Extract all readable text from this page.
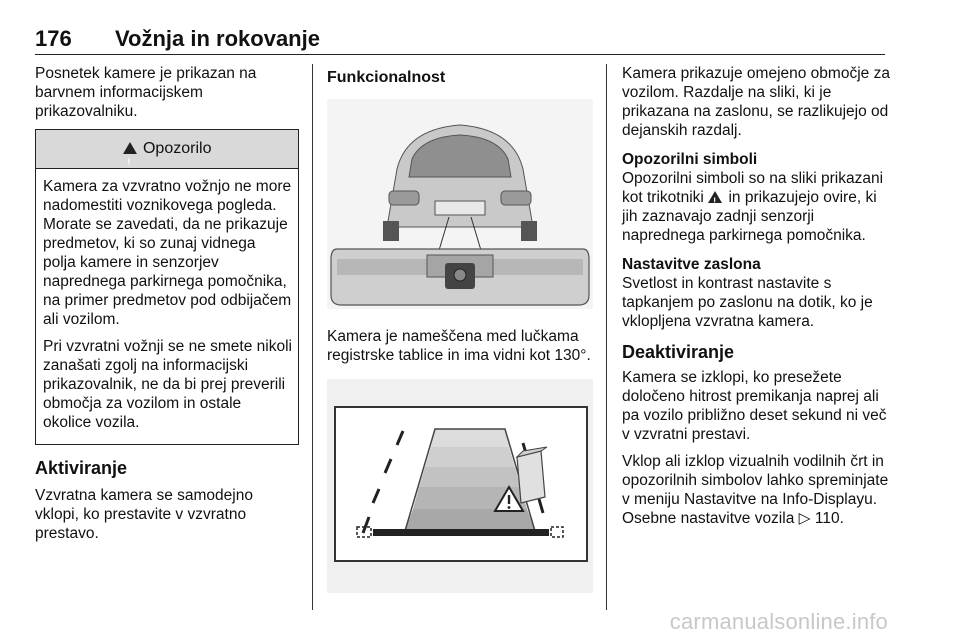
176 Vožnja in rokovanje

Posnetek kamere je prikazan na barvnem informacijskem prikazovalniku.

! Opozorilo

Kamera za vzvratno vožnjo ne more nadomestiti voznikovega pogleda. Morate se zavedati, da ne prikazuje predmetov, ki so zunaj vidnega polja kamere in senzorjev naprednega parkirnega pomočnika, na primer predmetov pod odbijačem ali vozilom.

Pri vzvratni vožnji se ne smete nikoli zanašati zgolj na informacijski prikazovalnik, ne da bi prej preverili območja za vozilom in ostale okolice vozila.

Aktiviranje

Vzvratna kamera se samodejno vklopi, ko prestavite v vzvratno prestavo.

Funkcionalnost

Kamera je nameščena med lučkama registrske tablice in ima vidni kot 130°.

Kamera prikazuje omejeno območje za vozilom. Razdalje na sliki, ki je prikazana na zaslonu, se razlikujejo od dejanskih razdalj.

Opozorilni simboli

Opozorilni simboli so na sliki prikazani kot trikotniki ! in prikazujejo ovire, ki jih zaznavajo zadnji senzorji naprednega parkirnega pomočnika.

Nastavitve zaslona

Svetlost in kontrast nastavite s tapkanjem po zaslonu na dotik, ko je vklopljena vzvratna kamera.

Deaktiviranje

Kamera se izklopi, ko presežete določeno hitrost premikanja naprej ali pa vozilo približno deset sekund ni več v vzvratni prestavi.

Vklop ali izklop vizualnih vodilnih črt in opozorilnih simbolov lahko spreminjate v meniju Nastavitve na Info-Displayu. Osebne nastavitve vozila ▷ 110.

carmanualsonline.info
